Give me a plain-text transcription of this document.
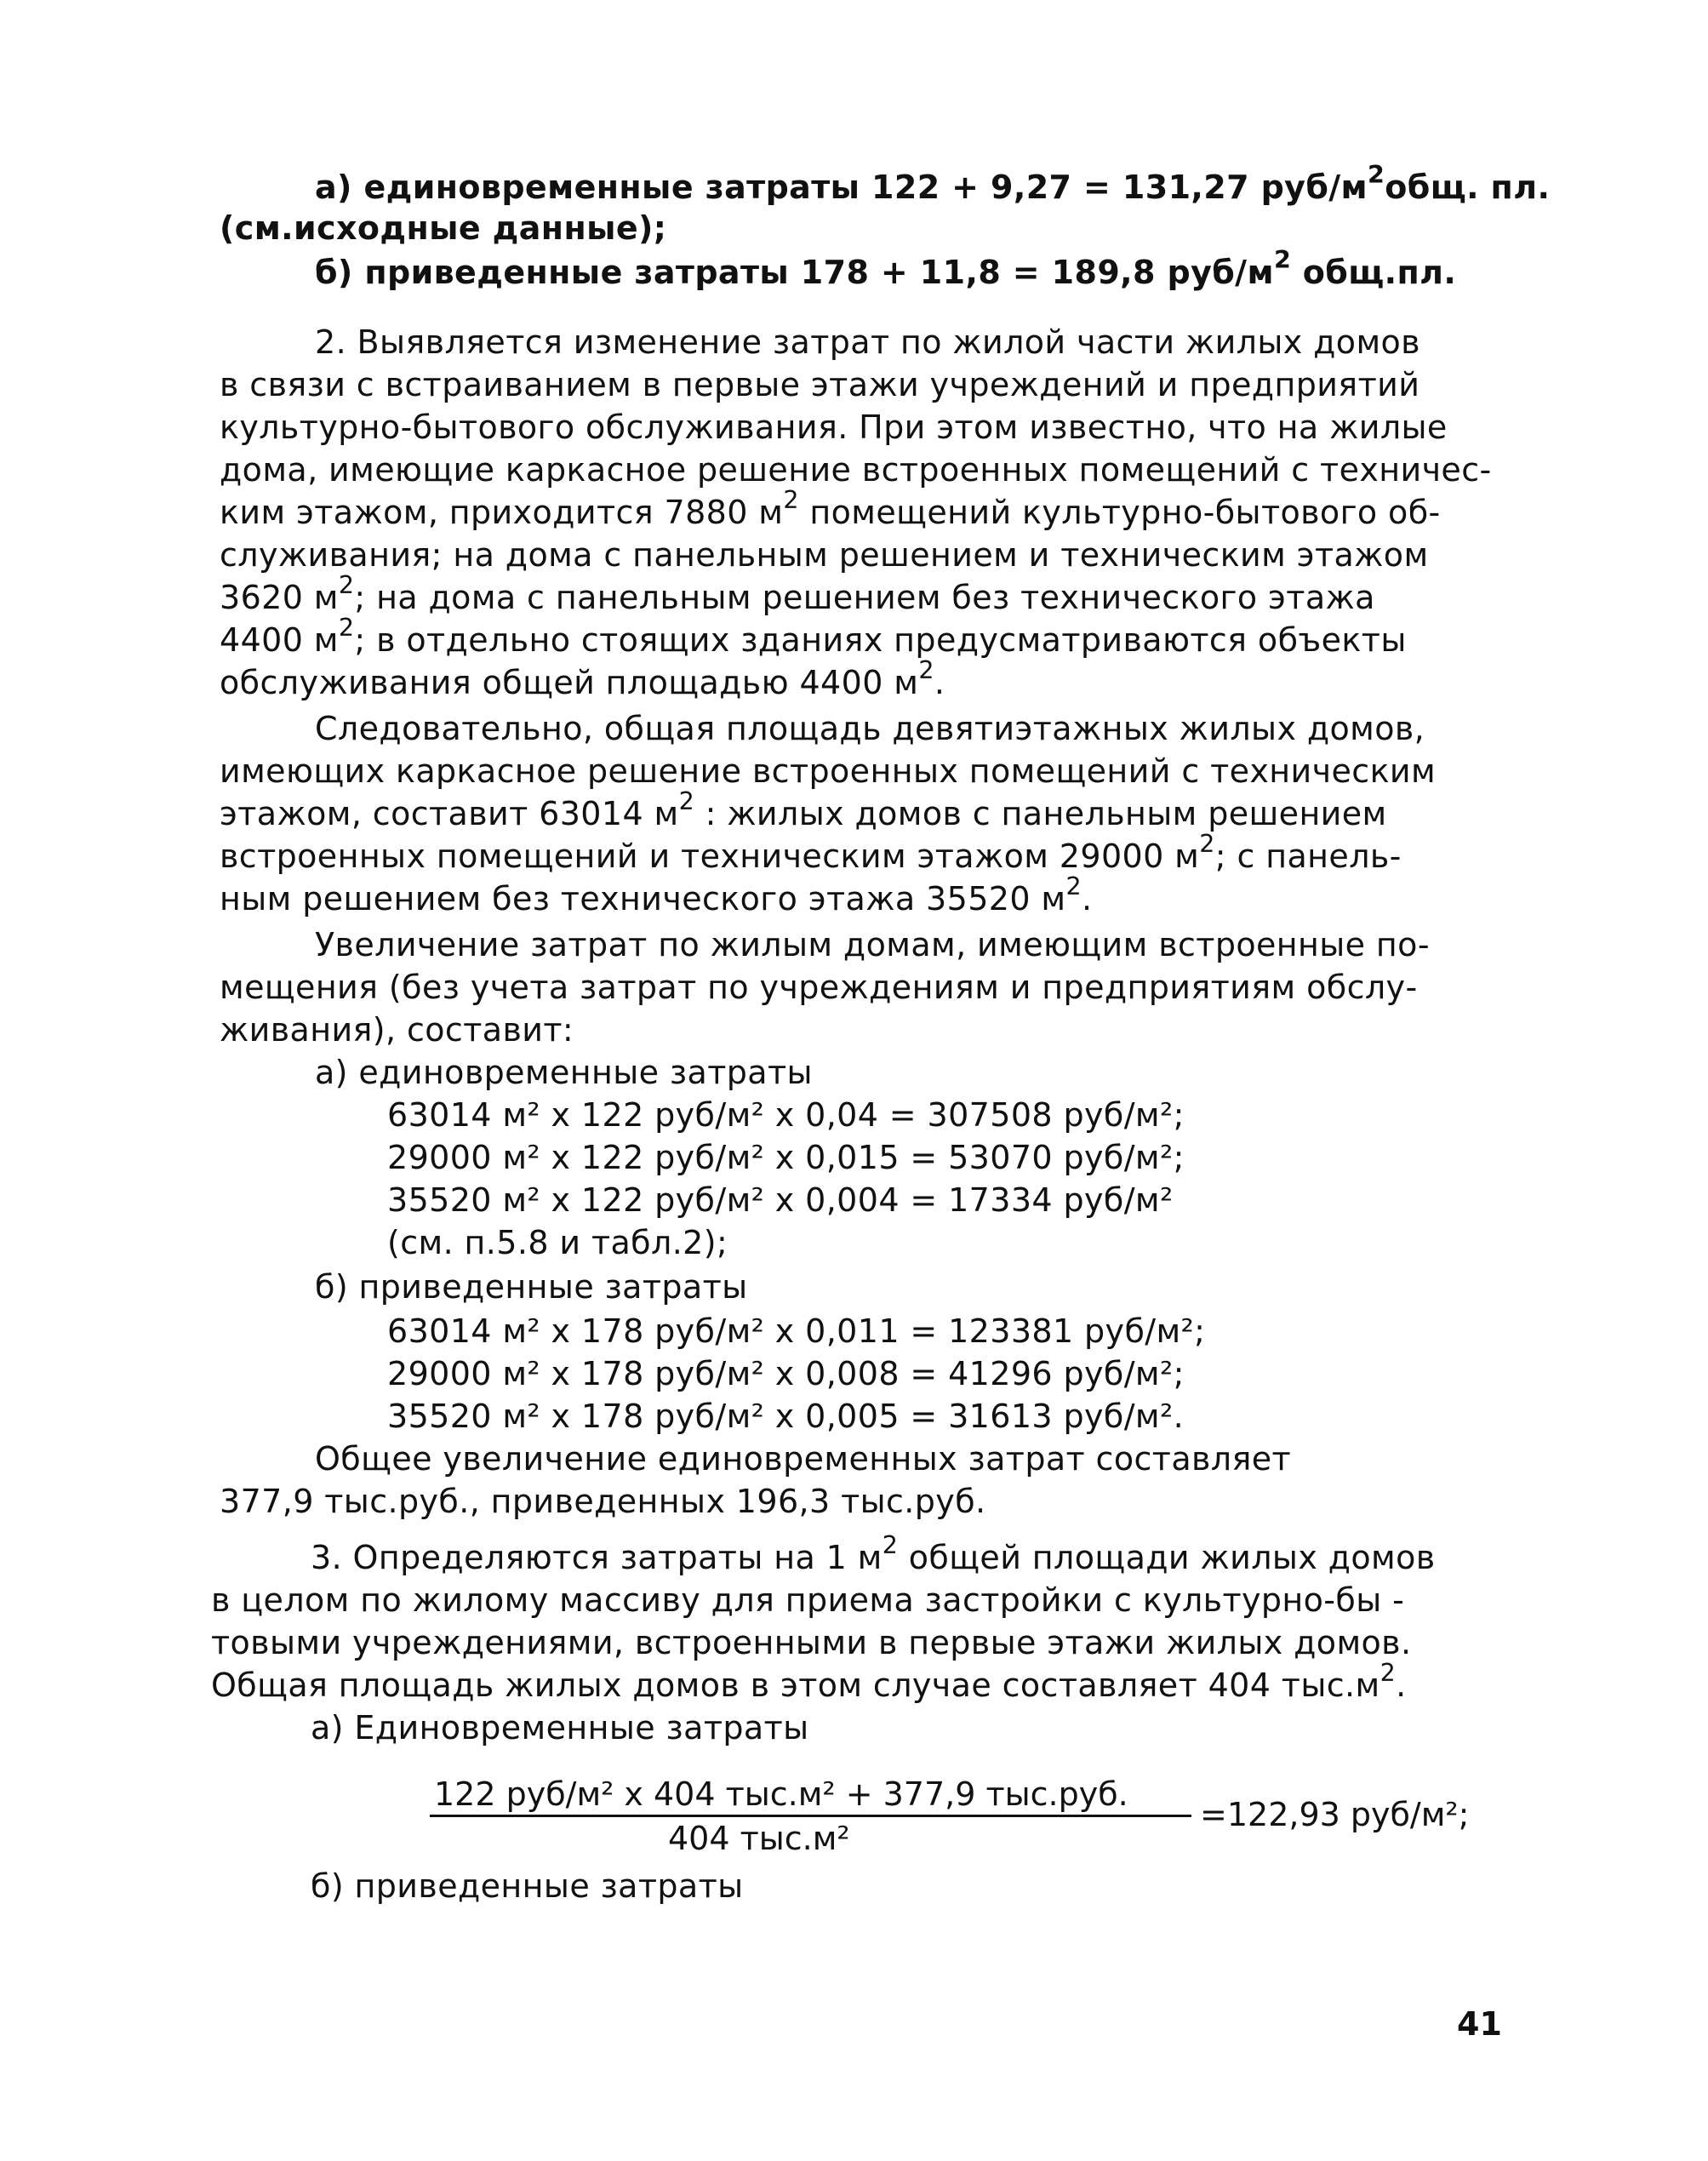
а) единовременные затраты 122 + 9,27 = 131,27 руб/$м^2общ$. пл.
(см.исходные данные);
б) приведенные затраты 178 + 11,8 = 189,8 руб/$м^2$ общ.пл.
2. Выявляется изменение затрат по жилой части жилых домов
в связи с встраиванием в первые этажи учреждений и предприятий
культурно-бытового обслуживания. При этом известно, что на жилые
дома, имеющие каркасное решение встроенных помещений с техничес-
ким этажом, приходится 7880 $м^2$ помещений культурно-бытового об-
служивания; на дома с панельным решением и техническим этажом
3620 $м^2$; на дома с панельным решением без технического этажа
4400 $м^2$; в отдельно стоящих зданиях предусматриваются объекты
обслуживания общей площадью 4400 $м^2$.
Следовательно, общая площадь девятиэтажных жилых домов,
имеющих каркасное решение встроенных помещений с техническим
этажом, составит 63014 $м^2$ : жилых домов с панельным решением
встроенных помещений и техническим этажом 29000 $м^2$; с панель-
ным решением без технического этажа 35520 $м^2$.
Увеличение затрат по жилым домам, имеющим встроенные по-
мещения (без учета затрат по учреждениям и предприятиям обслу-
живания), составит:
а) единовременные затраты
63014 м² х 122 руб/м² х 0,04 = 307508 руб/м²;
29000 м² х 122 руб/м² х 0,015 = 53070 руб/м²;
35520 м² х 122 руб/м² х 0,004 = 17334 руб/м²
(см. п.5.8 и табл.2);
б) приведенные затраты
63014 м² х 178 руб/м² х 0,011 = 123381 руб/м²;
29000 м² х 178 руб/м² х 0,008 = 41296 руб/м²;
35520 м² х 178 руб/м² х 0,005 = 31613 руб/м².
Общее увеличение единовременных затрат составляет
377,9 тыс.руб., приведенных 196,3 тыс.руб.
3. Определяются затраты на 1 $м^2$ общей площади жилых домов
в целом по жилому массиву для приема застройки с культурно-бы -
товыми учреждениями, встроенными в первые этажи жилых домов.
Общая площадь жилых домов в этом случае составляет 404 $тыс.м^2$.
а) Единовременные затраты
122 руб/м² х 404 тыс.м² + 377,9 тыс.руб.
404 тыс.м²
=122,93 руб/м²;
б) приведенные затраты
41
